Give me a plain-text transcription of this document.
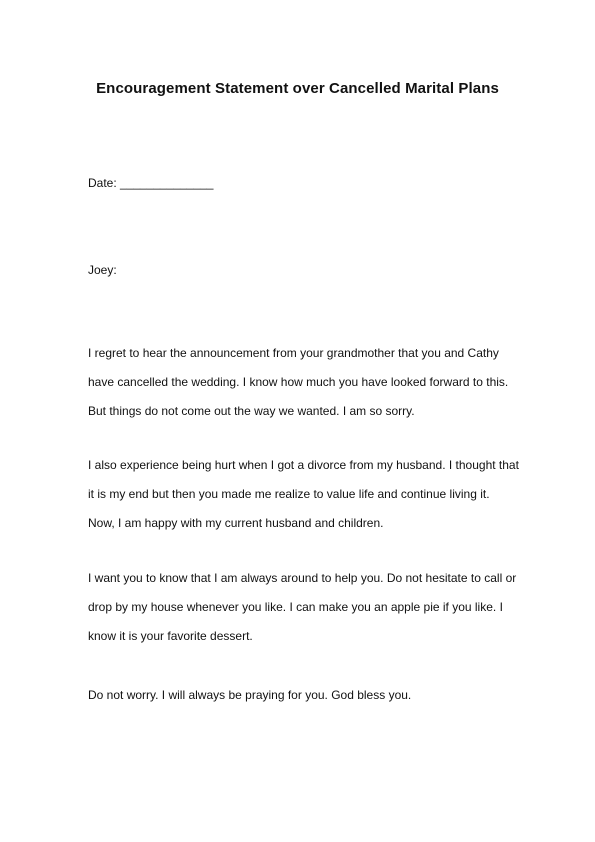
Encouragement Statement over Cancelled Marital Plans
Date: ______________
Joey:
I regret to hear the announcement from your grandmother that you and Cathy
have cancelled the wedding. I know how much you have looked forward to this.
But things do not come out the way we wanted. I am so sorry.
I also experience being hurt when I got a divorce from my husband. I thought that
it is my end but then you made me realize to value life and continue living it.
Now, I am happy with my current husband and children.
I want you to know that I am always around to help you. Do not hesitate to call or
drop by my house whenever you like. I can make you an apple pie if you like. I
know it is your favorite dessert.
Do not worry. I will always be praying for you. God bless you.
